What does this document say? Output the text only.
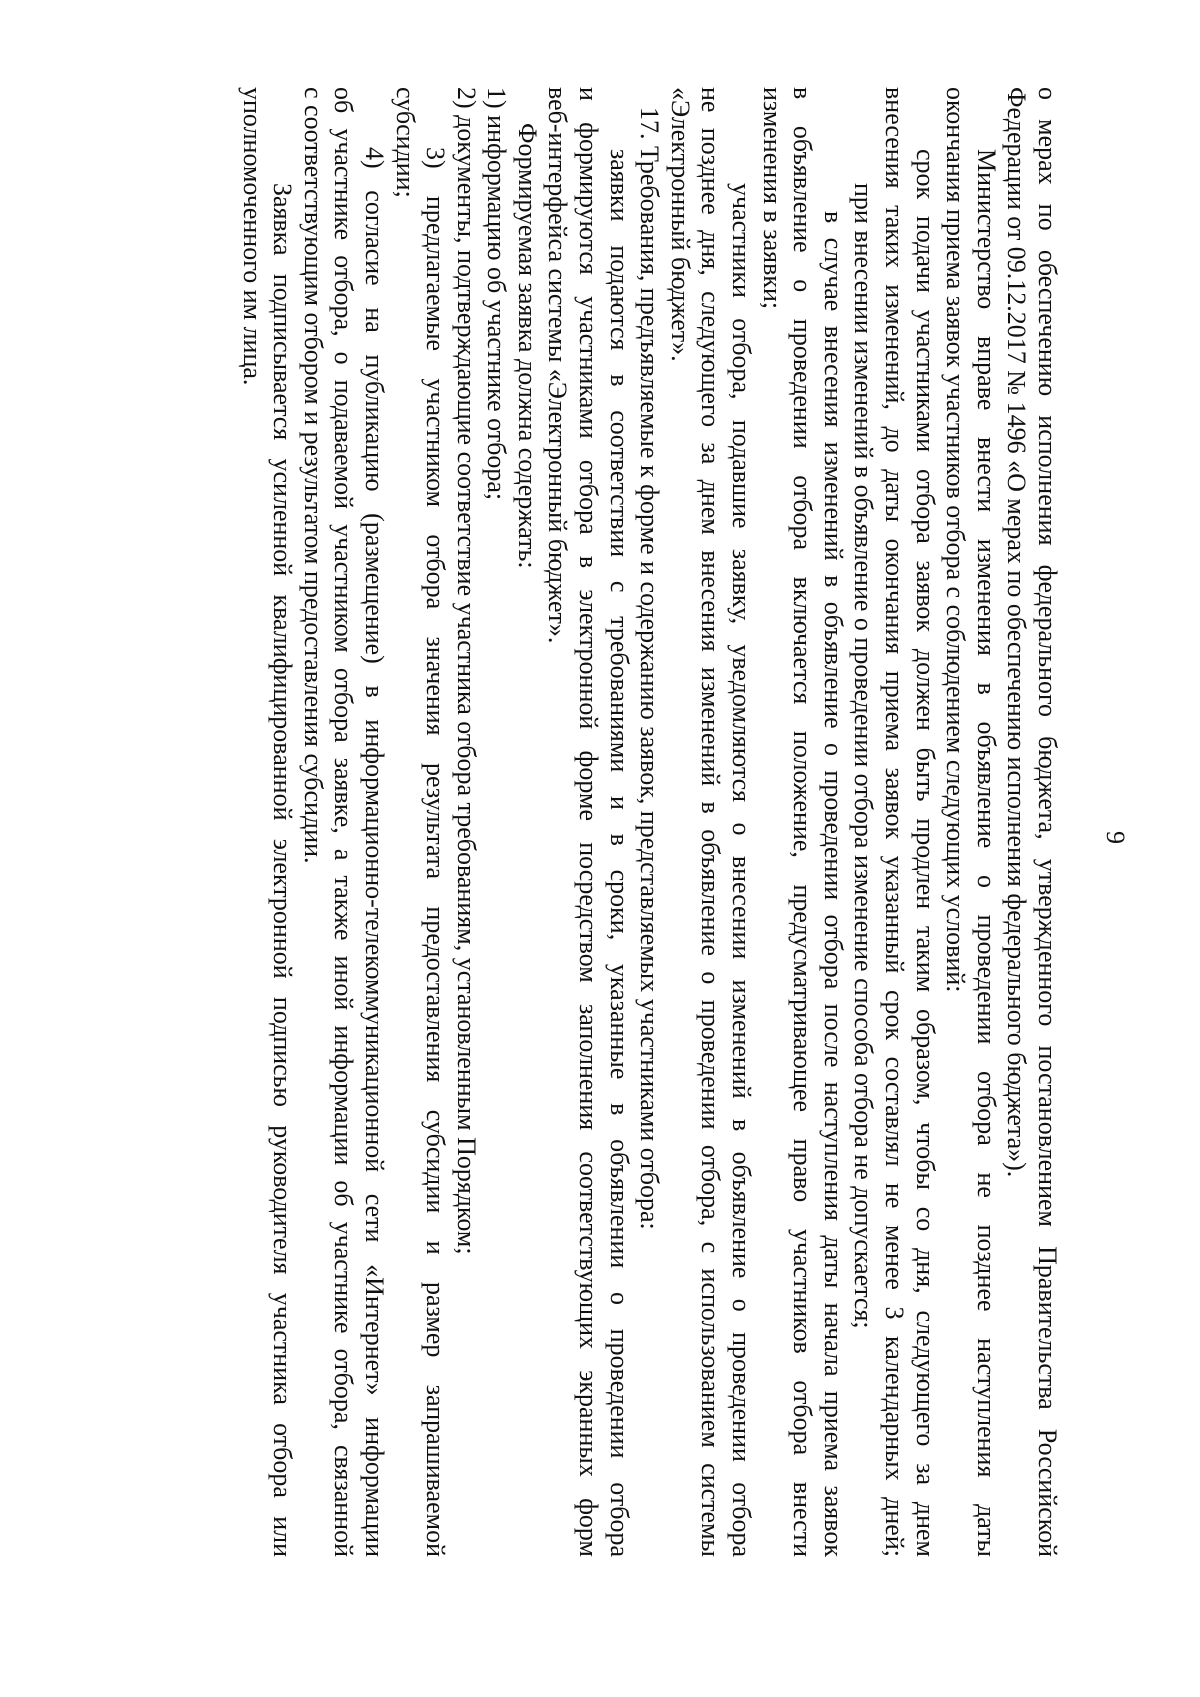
9
о мерах по обеспечению исполнения федерального бюджета, утвержденного постановлением Правительства Российской
Федерации от 09.12.2017 № 1496 «О мерах по обеспечению исполнения федерального бюджета»).
Министерство вправе внести изменения в объявление о проведении отбора не позднее наступления даты
окончания приема заявок участников отбора с соблюдением следующих условий:
срок подачи участниками отбора заявок должен быть продлен таким образом, чтобы со дня, следующего за днем
внесения таких изменений, до даты окончания приема заявок указанный срок составлял не менее 3 календарных дней;
при внесении изменений в объявление о проведении отбора изменение способа отбора не допускается;
в случае внесения изменений в объявление о проведении отбора после наступления даты начала приема заявок
в объявление о проведении отбора включается положение, предусматривающее право участников отбора внести
изменения в заявки;
участники отбора, подавшие заявку, уведомляются о внесении изменений в объявление о проведении отбора
не позднее дня, следующего за днем внесения изменений в объявление о проведении отбора, с использованием системы
«Электронный бюджет».
17. Требования, предъявляемые к форме и содержанию заявок, представляемых участниками отбора:
заявки подаются в соответствии с требованиями и в сроки, указанные в объявлении о проведении отбора
и формируются участниками отбора в электронной форме посредством заполнения соответствующих экранных форм
веб-интерфейса системы «Электронный бюджет».
Формируемая заявка должна содержать:
1) информацию об участнике отбора;
2) документы, подтверждающие соответствие участника отбора требованиям, установленным Порядком;
3) предлагаемые участником отбора значения результата предоставления субсидии и размер запрашиваемой
субсидии;
4) согласие на публикацию (размещение) в информационно-телекоммуникационной сети «Интернет» информации
об участнике отбора, о подаваемой участником отбора заявке, а также иной информации об участнике отбора, связанной
с соответствующим отбором и результатом предоставления субсидии.
Заявка подписывается усиленной квалифицированной электронной подписью руководителя участника отбора или
уполномоченного им лица.
